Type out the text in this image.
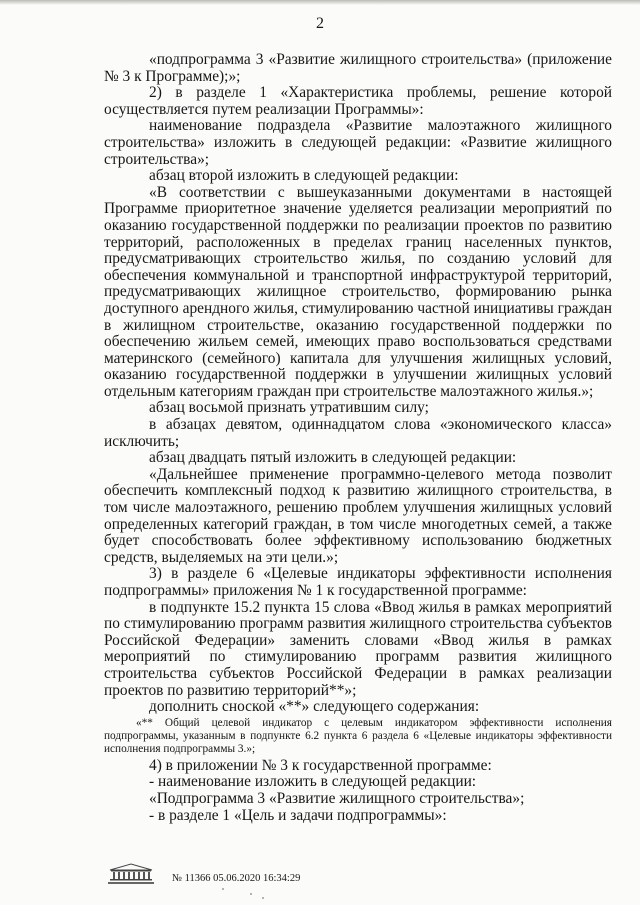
2

«подпрограмма 3 «Развитие жилищного строительства» (приложение № 3 к Программе);»;

2) в разделе 1 «Характеристика проблемы, решение которой осуществляется путем реализации Программы»:

наименование подраздела «Развитие малоэтажного жилищного строительства» изложить в следующей редакции: «Развитие жилищного строительства»;

абзац второй изложить в следующей редакции:

«В соответствии с вышеуказанными документами в настоящей Программе приоритетное значение уделяется реализации мероприятий по оказанию государственной поддержки по реализации проектов по развитию территорий, расположенных в пределах границ населенных пунктов, предусматривающих строительство жилья, по созданию условий для обеспечения коммунальной и транспортной инфраструктурой территорий, предусматривающих жилищное строительство, формированию рынка доступного арендного жилья, стимулированию частной инициативы граждан в жилищном строительстве, оказанию государственной поддержки по обеспечению жильем семей, имеющих право воспользоваться средствами материнского (семейного) капитала для улучшения жилищных условий, оказанию государственной поддержки в улучшении жилищных условий отдельным категориям граждан при строительстве малоэтажного жилья.»;

абзац восьмой признать утратившим силу;

в абзацах девятом, одиннадцатом слова «экономического класса» исключить;

абзац двадцать пятый изложить в следующей редакции:

«Дальнейшее применение программно-целевого метода позволит обеспечить комплексный подход к развитию жилищного строительства, в том числе малоэтажного, решению проблем улучшения жилищных условий определенных категорий граждан, в том числе многодетных семей, а также будет способствовать более эффективному использованию бюджетных средств, выделяемых на эти цели.»;

3) в разделе 6 «Целевые индикаторы эффективности исполнения подпрограммы» приложения № 1 к государственной программе:

в подпункте 15.2 пункта 15 слова «Ввод жилья в рамках мероприятий по стимулированию программ развития жилищного строительства субъектов Российской Федерации» заменить словами «Ввод жилья в рамках мероприятий по стимулированию программ развития жилищного строительства субъектов Российской Федерации в рамках реализации проектов по развитию территорий**»;

дополнить сноской «**» следующего содержания:

«** Общий целевой индикатор с целевым индикатором эффективности исполнения подпрограммы, указанным в подпункте 6.2 пункта 6 раздела 6 «Целевые индикаторы эффективности исполнения подпрограммы 3.»;

4) в приложении № 3 к государственной программе:

- наименование изложить в следующей редакции:

«Подпрограмма 3 «Развитие жилищного строительства»;

- в разделе 1 «Цель и задачи подпрограммы»:

№ 11366 05.06.2020 16:34:29
